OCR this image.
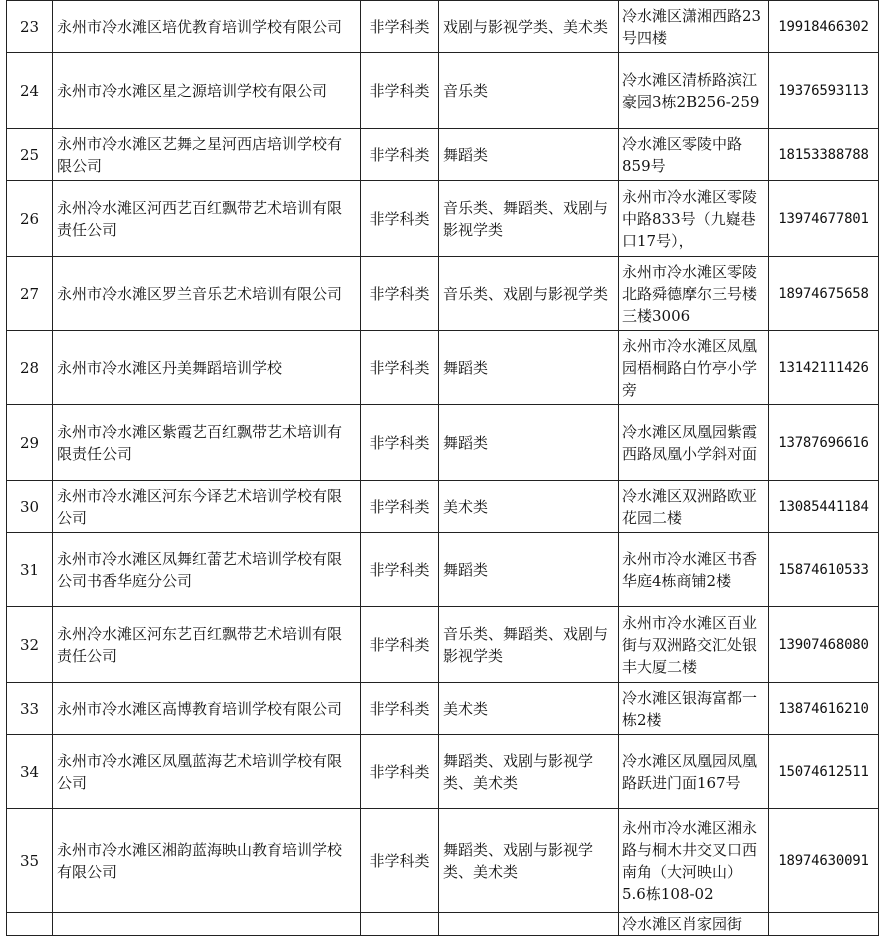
23	永州市冷水滩区培优教育培训学校有限公司	非学科类	戏剧与影视学类、美术类	冷水滩区潇湘西路23号四楼	19918466302
24	永州市冷水滩区星之源培训学校有限公司	非学科类	音乐类	冷水滩区清桥路滨江豪园3栋2B256-259	19376593113
25	永州市冷水滩区艺舞之星河西店培训学校有限公司	非学科类	舞蹈类	冷水滩区零陵中路859号	18153388788
26	永州冷水滩区河西艺百红飘带艺术培训有限责任公司	非学科类	音乐类、舞蹈类、戏剧与影视学类	永州市冷水滩区零陵中路833号（九嶷巷口17号），	13974677801
27	永州市冷水滩区罗兰音乐艺术培训有限公司	非学科类	音乐类、戏剧与影视学类	永州市冷水滩区零陵北路舜德摩尔三号楼三楼3006	18974675658
28	永州市冷水滩区丹美舞蹈培训学校	非学科类	舞蹈类	永州市冷水滩区凤凰园梧桐路白竹亭小学旁	13142111426
29	永州市冷水滩区紫霞艺百红飘带艺术培训有限责任公司	非学科类	舞蹈类	冷水滩区凤凰园紫霞西路凤凰小学斜对面	13787696616
30	永州市冷水滩区河东今译艺术培训学校有限公司	非学科类	美术类	冷水滩区双洲路欧亚花园二楼	13085441184
31	永州市冷水滩区凤舞红蕾艺术培训学校有限公司书香华庭分公司	非学科类	舞蹈类	永州市冷水滩区书香华庭4栋商铺2楼	15874610533
32	永州冷水滩区河东艺百红飘带艺术培训有限责任公司	非学科类	音乐类、舞蹈类、戏剧与影视学类	永州市冷水滩区百业街与双洲路交汇处银丰大厦二楼	13907468080
33	永州市冷水滩区高博教育培训学校有限公司	非学科类	美术类	冷水滩区银海富都一栋2楼	13874616210
34	永州市冷水滩区凤凰蓝海艺术培训学校有限公司	非学科类	舞蹈类、戏剧与影视学类、美术类	冷水滩区凤凰园凤凰路跃进门面167号	15074612511
35	永州市冷水滩区湘韵蓝海映山教育培训学校有限公司	非学科类	舞蹈类、戏剧与影视学类、美术类	永州市冷水滩区湘永路与桐木井交叉口西南角（大河映山）5.6栋108-02	18974630091
				冷水滩区肖家园街	
